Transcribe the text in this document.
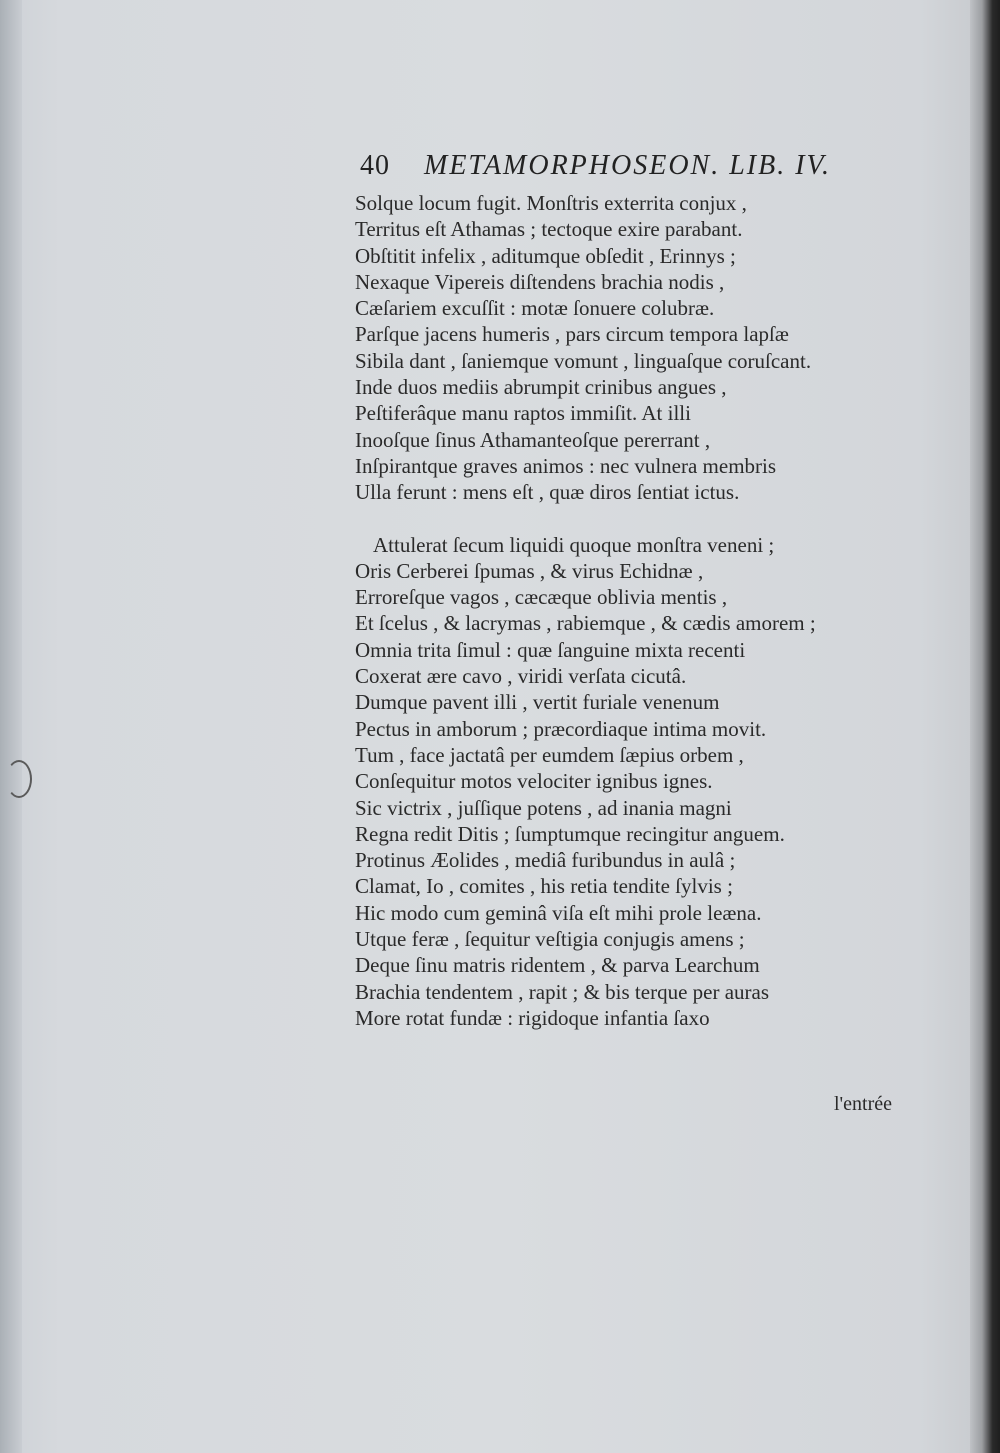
40 METAMORPHOSEON. LIB. IV.
Solque locum fugit. Monſtris exterrita conjux ,
Territus eſt Athamas ; tectoque exire parabant.
Obſtitit infelix , aditumque obſedit , Erinnys ;
Nexaque Vipereis diſtendens brachia nodis ,
Cæſariem excuſſit : motæ ſonuere colubræ.
Parſque jacens humeris , pars circum tempora lapſæ
Sibila dant , ſaniemque vomunt , linguaſque coruſcant.
Inde duos mediis abrumpit crinibus angues ,
Peſtiferâque manu raptos immiſit. At illi
Inooſque ſinus Athamanteoſque pererrant ,
Inſpirantque graves animos : nec vulnera membris
Ulla ferunt : mens eſt , quæ diros ſentiat ictus.
Attulerat ſecum liquidi quoque monſtra veneni ;
Oris Cerberei ſpumas , & virus Echidnæ ,
Erroreſque vagos , cæcæque oblivia mentis ,
Et ſcelus , & lacrymas , rabiemque , & cædis amorem ;
Omnia trita ſimul : quæ ſanguine mixta recenti
Coxerat ære cavo , viridi verſata cicutâ.
Dumque pavent illi , vertit furiale venenum
Pectus in amborum ; præcordiaque intima movit.
Tum , face jactatâ per eumdem ſæpius orbem ,
Conſequitur motos velociter ignibus ignes.
Sic victrix , juſſique potens , ad inania magni
Regna redit Ditis ; ſumptumque recingitur anguem.
Protinus Æolides , mediâ furibundus in aulâ ;
Clamat, Io , comites , his retia tendite ſylvis ;
Hic modo cum geminâ viſa eſt mihi prole leæna.
Utque feræ , ſequitur veſtigia conjugis amens ;
Deque ſinu matris ridentem , & parva Learchum
Brachia tendentem , rapit ; & bis terque per auras
More rotat fundæ : rigidoque infantia ſaxo
l'entrée
